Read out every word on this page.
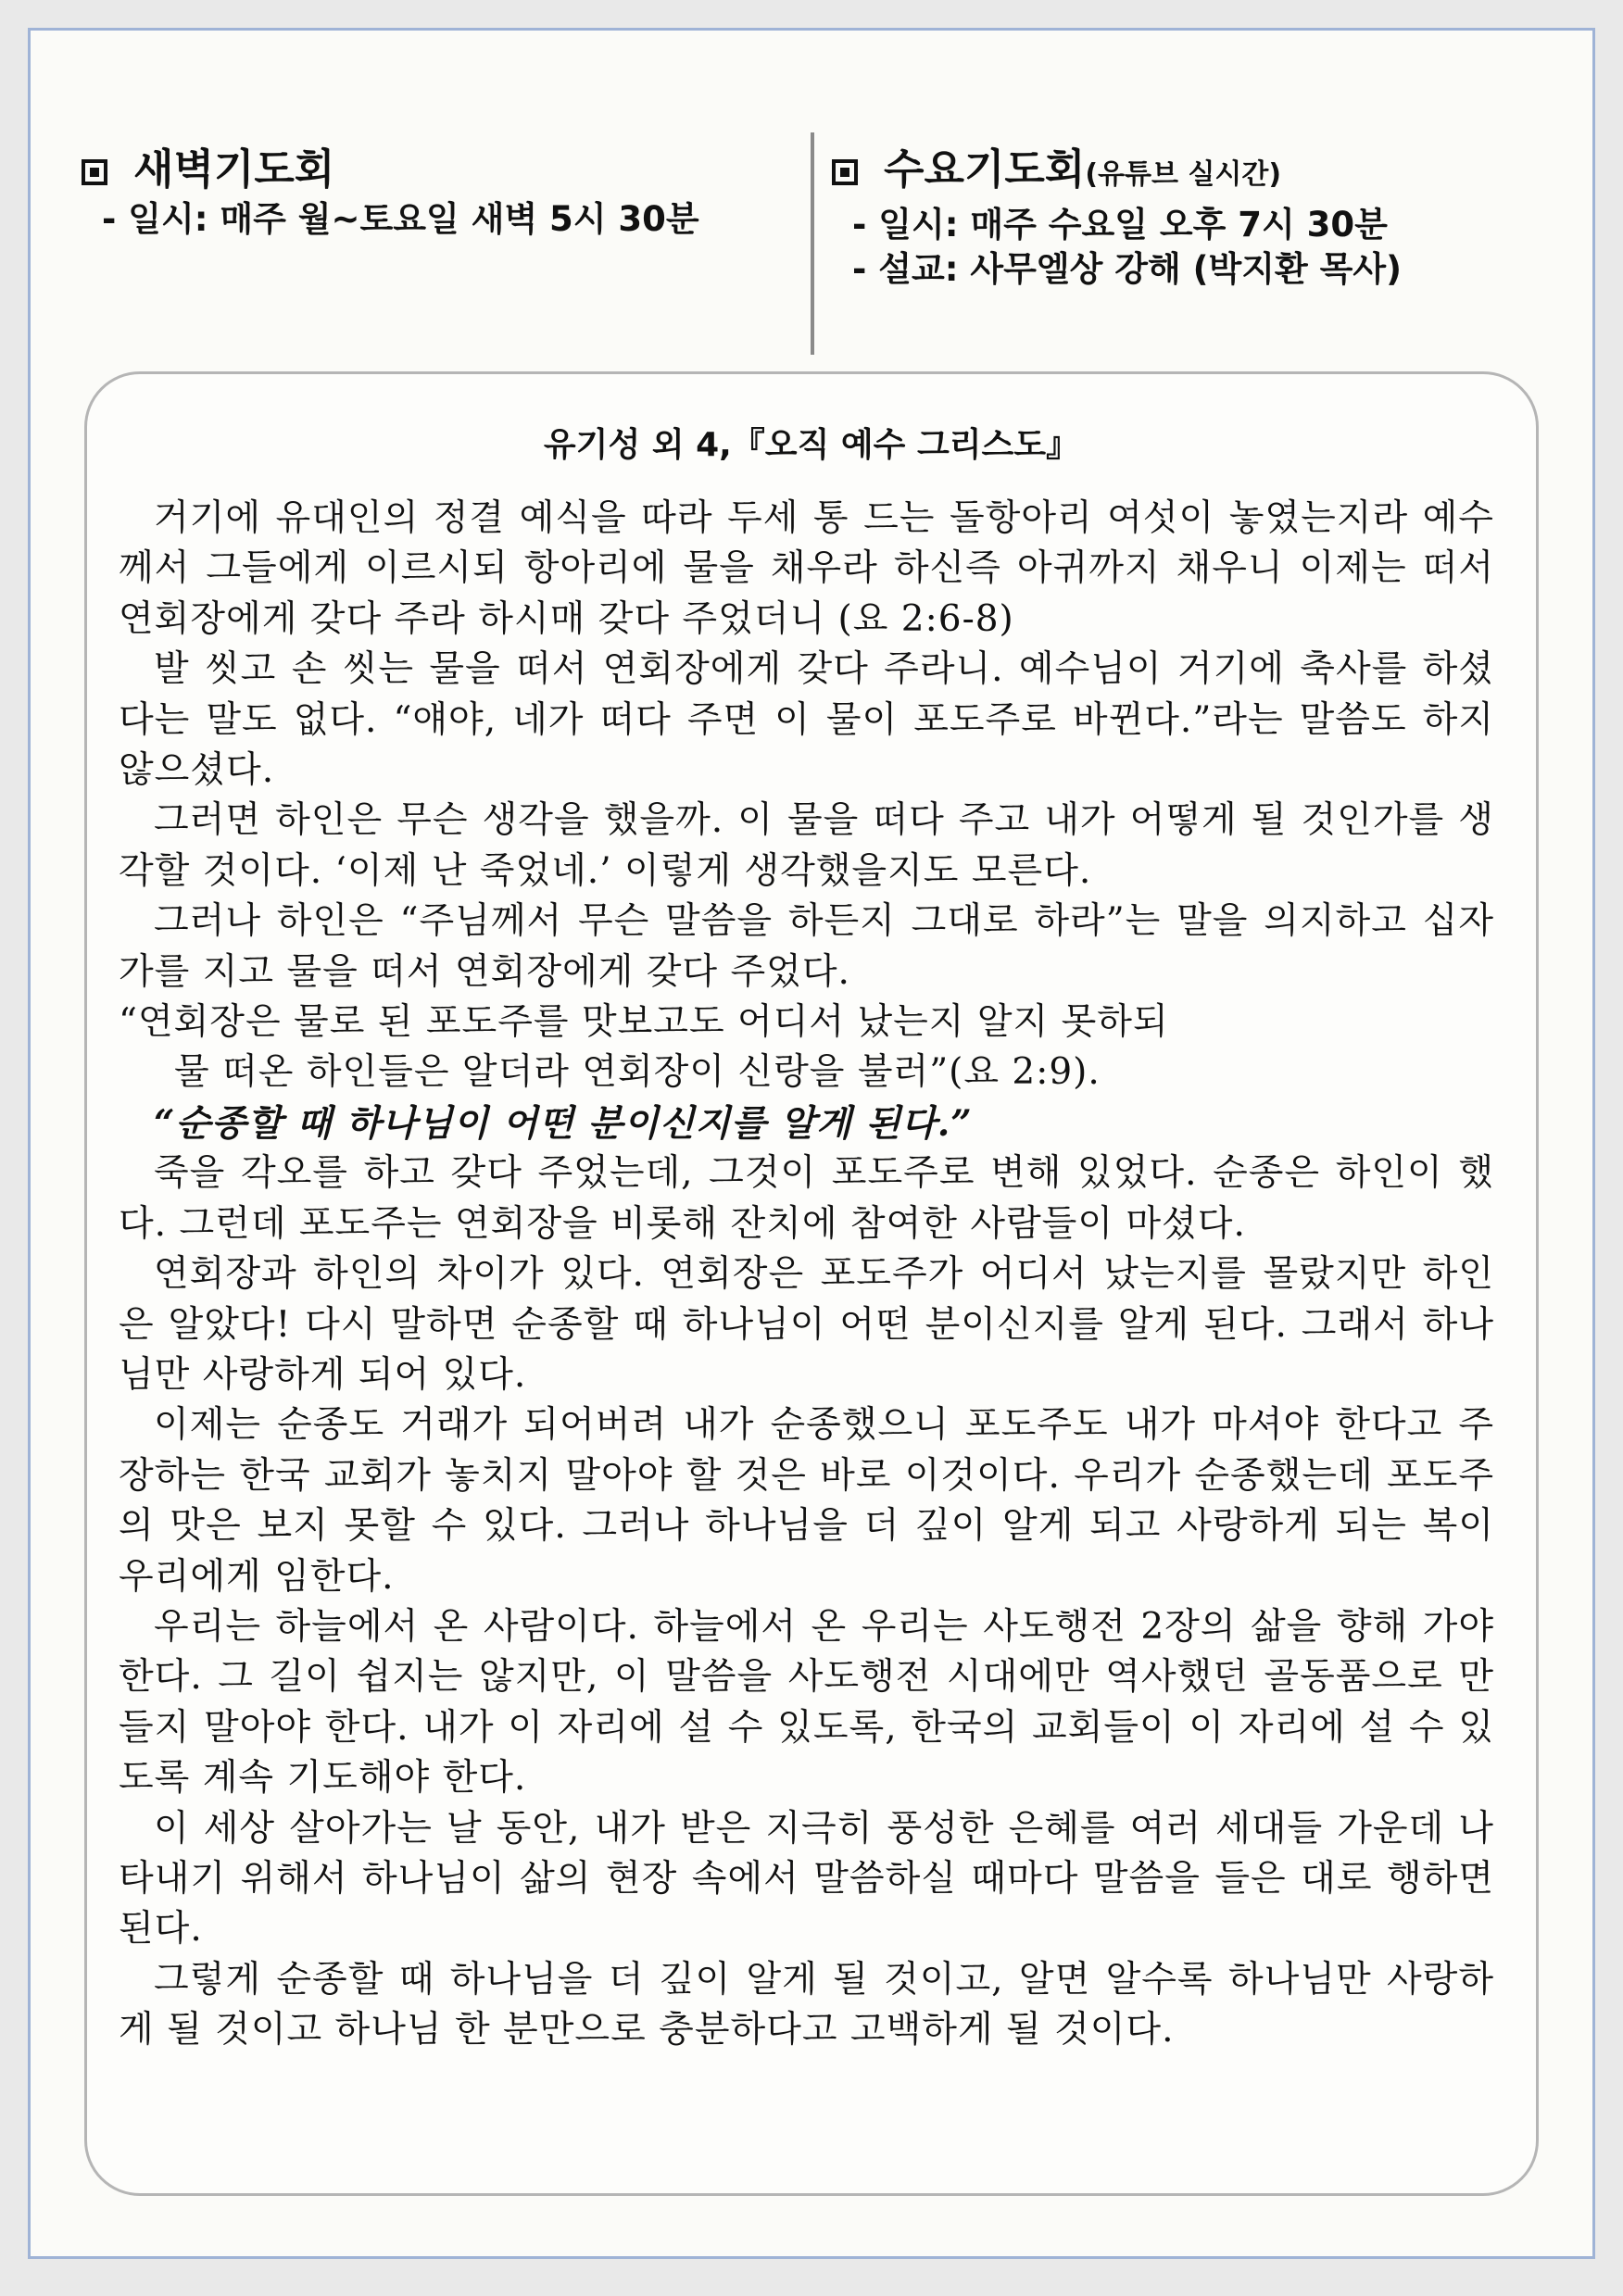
새벽기도회
- 일시: 매주 월~토요일 새벽 5시 30분
수요기도회(유튜브 실시간)
- 일시: 매주 수요일 오후 7시 30분
- 설교: 사무엘상 강해 (박지환 목사)
유기성 외 4,『오직 예수 그리스도』

거기에 유대인의 정결 예식을 따라 두세 통 드는 돌항아리 여섯이 놓였는지라 예수께서 그들에게 이르시되 항아리에 물을 채우라 하신즉 아귀까지 채우니 이제는 떠서 연회장에게 갖다 주라 하시매 갖다 주었더니 (요 2:6-8)

발 씻고 손 씻는 물을 떠서 연회장에게 갖다 주라니. 예수님이 거기에 축사를 하셨다는 말도 없다. “얘야, 네가 떠다 주면 이 물이 포도주로 바뀐다.”라는 말씀도 하지 않으셨다.

그러면 하인은 무슨 생각을 했을까. 이 물을 떠다 주고 내가 어떻게 될 것인가를 생각할 것이다. ‘이제 난 죽었네.’ 이렇게 생각했을지도 모른다.

그러나 하인은 “주님께서 무슨 말씀을 하든지 그대로 하라”는 말을 의지하고 십자가를 지고 물을 떠서 연회장에게 갖다 주었다.

“연회장은 물로 된 포도주를 맛보고도 어디서 났는지 알지 못하되

물 떠온 하인들은 알더라 연회장이 신랑을 불러”(요 2:9).

“순종할 때 하나님이 어떤 분이신지를 알게 된다.”

죽을 각오를 하고 갖다 주었는데, 그것이 포도주로 변해 있었다. 순종은 하인이 했다. 그런데 포도주는 연회장을 비롯해 잔치에 참여한 사람들이 마셨다.

연회장과 하인의 차이가 있다. 연회장은 포도주가 어디서 났는지를 몰랐지만 하인은 알았다! 다시 말하면 순종할 때 하나님이 어떤 분이신지를 알게 된다. 그래서 하나님만 사랑하게 되어 있다.

이제는 순종도 거래가 되어버려 내가 순종했으니 포도주도 내가 마셔야 한다고 주장하는 한국 교회가 놓치지 말아야 할 것은 바로 이것이다. 우리가 순종했는데 포도주의 맛은 보지 못할 수 있다. 그러나 하나님을 더 깊이 알게 되고 사랑하게 되는 복이 우리에게 임한다.

우리는 하늘에서 온 사람이다. 하늘에서 온 우리는 사도행전 2장의 삶을 향해 가야 한다. 그 길이 쉽지는 않지만, 이 말씀을 사도행전 시대에만 역사했던 골동품으로 만들지 말아야 한다. 내가 이 자리에 설 수 있도록, 한국의 교회들이 이 자리에 설 수 있도록 계속 기도해야 한다.

이 세상 살아가는 날 동안, 내가 받은 지극히 풍성한 은혜를 여러 세대들 가운데 나타내기 위해서 하나님이 삶의 현장 속에서 말씀하실 때마다 말씀을 들은 대로 행하면 된다.

그렇게 순종할 때 하나님을 더 깊이 알게 될 것이고, 알면 알수록 하나님만 사랑하게 될 것이고 하나님 한 분만으로 충분하다고 고백하게 될 것이다.
